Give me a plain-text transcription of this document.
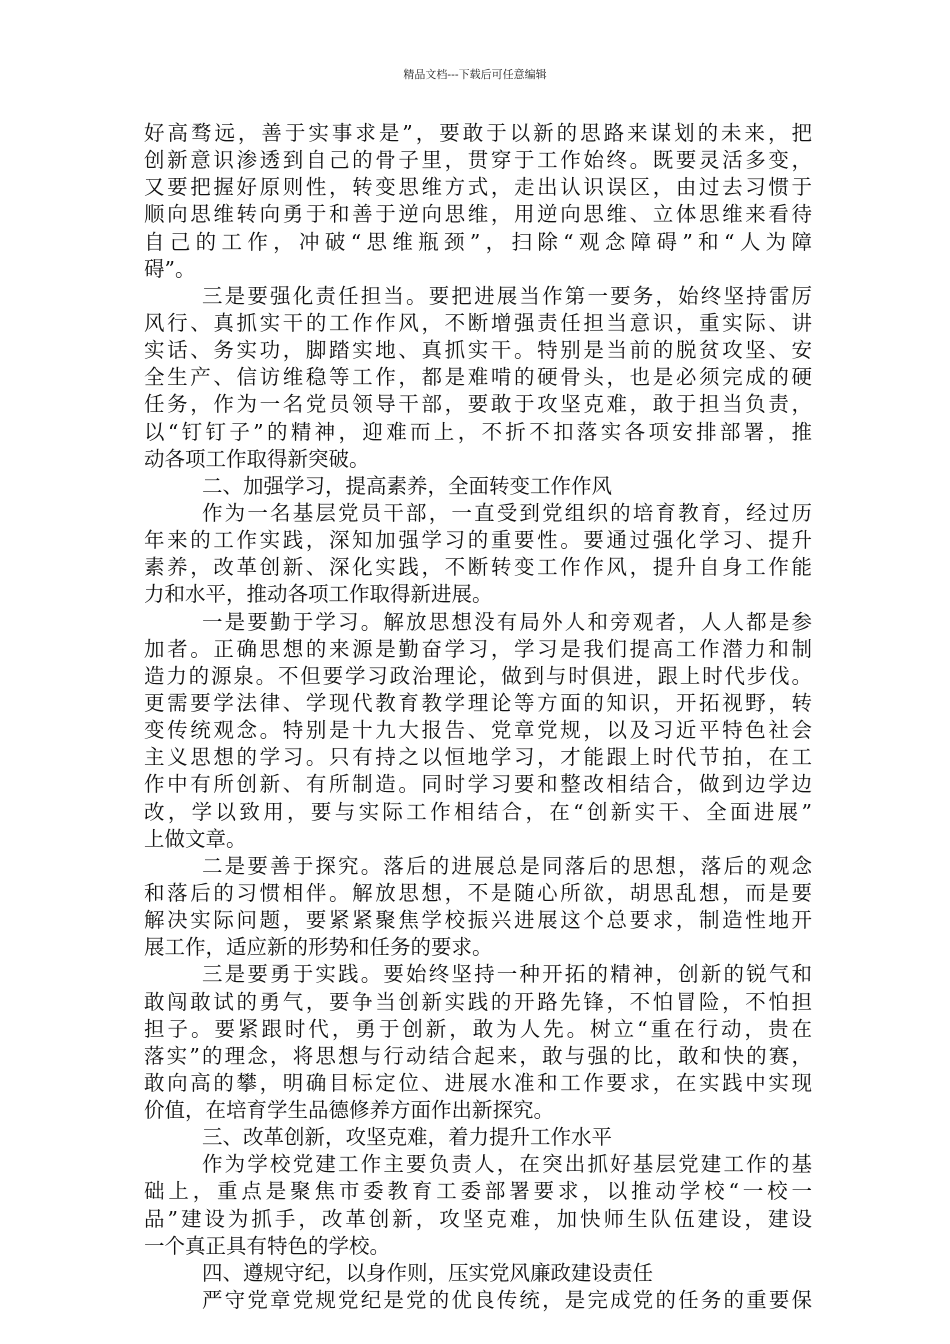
精品文档---下载后可任意编辑
好高骛远，善于实事求是”，要敢于以新的思路来谋划的未来，把
创新意识渗透到自己的骨子里，贯穿于工作始终。既要灵活多变，
又要把握好原则性，转变思维方式，走出认识误区，由过去习惯于
顺向思维转向勇于和善于逆向思维，用逆向思维、立体思维来看待
自己的工作，冲破“思维瓶颈”，扫除“观念障碍”和“人为障
碍”。
三是要强化责任担当。要把进展当作第一要务，始终坚持雷厉
风行、真抓实干的工作作风，不断增强责任担当意识，重实际、讲
实话、务实功，脚踏实地、真抓实干。特别是当前的脱贫攻坚、安
全生产、信访维稳等工作，都是难啃的硬骨头，也是必须完成的硬
任务，作为一名党员领导干部，要敢于攻坚克难，敢于担当负责，
以“钉钉子”的精神，迎难而上，不折不扣落实各项安排部署，推
动各项工作取得新突破。
二、加强学习，提高素养，全面转变工作作风
作为一名基层党员干部，一直受到党组织的培育教育，经过历
年来的工作实践，深知加强学习的重要性。要通过强化学习、提升
素养，改革创新、深化实践，不断转变工作作风，提升自身工作能
力和水平，推动各项工作取得新进展。
一是要勤于学习。解放思想没有局外人和旁观者，人人都是参
加者。正确思想的来源是勤奋学习，学习是我们提高工作潜力和制
造力的源泉。不但要学习政治理论，做到与时俱进，跟上时代步伐。
更需要学法律、学现代教育教学理论等方面的知识，开拓视野，转
变传统观念。特别是十九大报告、党章党规，以及习近平特色社会
主义思想的学习。只有持之以恒地学习，才能跟上时代节拍，在工
作中有所创新、有所制造。同时学习要和整改相结合，做到边学边
改，学以致用，要与实际工作相结合，在“创新实干、全面进展”
上做文章。
二是要善于探究。落后的进展总是同落后的思想，落后的观念
和落后的习惯相伴。解放思想，不是随心所欲，胡思乱想，而是要
解决实际问题，要紧紧聚焦学校振兴进展这个总要求，制造性地开
展工作，适应新的形势和任务的要求。
三是要勇于实践。要始终坚持一种开拓的精神，创新的锐气和
敢闯敢试的勇气，要争当创新实践的开路先锋，不怕冒险，不怕担
担子。要紧跟时代，勇于创新，敢为人先。树立“重在行动，贵在
落实”的理念，将思想与行动结合起来，敢与强的比，敢和快的赛，
敢向高的攀，明确目标定位、进展水准和工作要求，在实践中实现
价值，在培育学生品德修养方面作出新探究。
三、改革创新，攻坚克难，着力提升工作水平
作为学校党建工作主要负责人，在突出抓好基层党建工作的基
础上，重点是聚焦市委教育工委部署要求，以推动学校“一校一
品”建设为抓手，改革创新，攻坚克难，加快师生队伍建设，建设
一个真正具有特色的学校。
四、遵规守纪，以身作则，压实党风廉政建设责任
严守党章党规党纪是党的优良传统，是完成党的任务的重要保
